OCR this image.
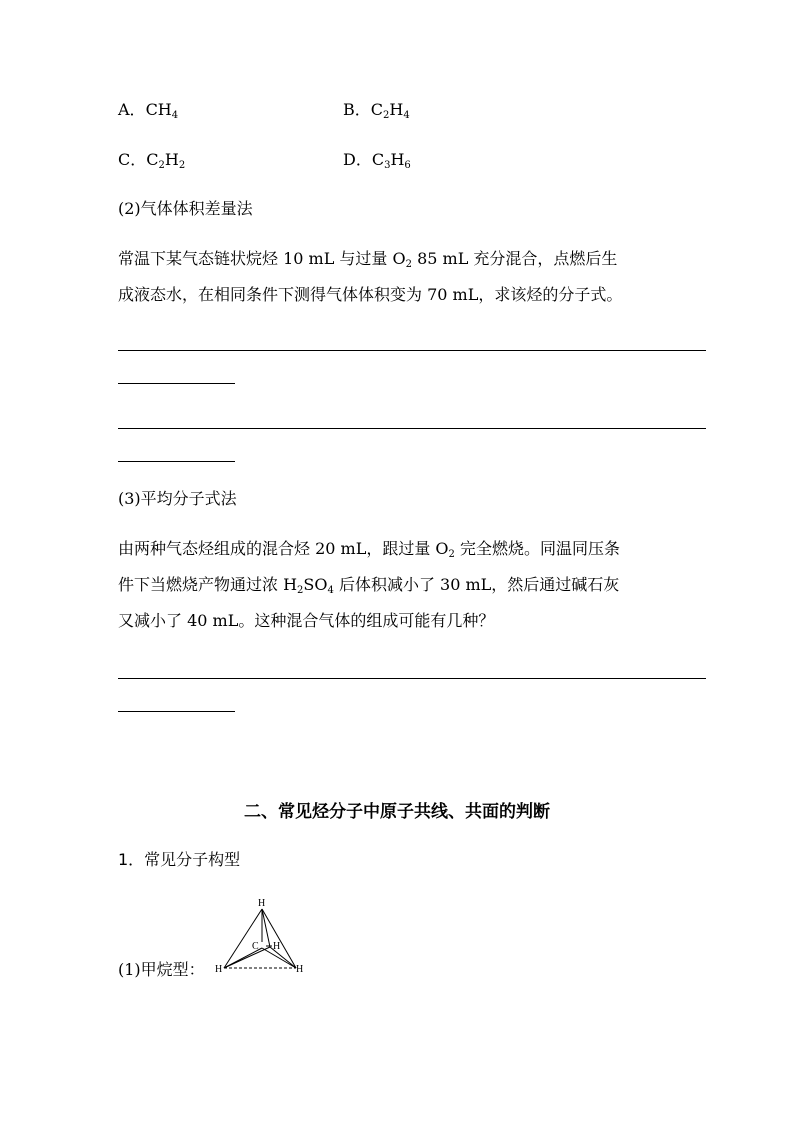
A．$CH_4$	B．$C_2H_4$
C．$C_2H_2$	D．$C_3H_6$
(2)气体体积差量法
常温下某气态链状烷烃 10 mL 与过量 $O_2$ 85 mL 充分混合，点燃后生
成液态水，在相同条件下测得气体体积变为 70 mL，求该烃的分子式。
(3)平均分子式法
由两种气态烃组成的混合烃 20 mL，跟过量 $O_2$ 完全燃烧。同温同压条
件下当燃烧产物通过浓 $H_2SO_4$ 后体积减小了 30 mL，然后通过碱石灰
又减小了 40 mL。这种混合气体的组成可能有几种？
二、常见烃分子中原子共线、共面的判断
1．常见分子构型
(1)甲烷型：
H
C H
H	H
